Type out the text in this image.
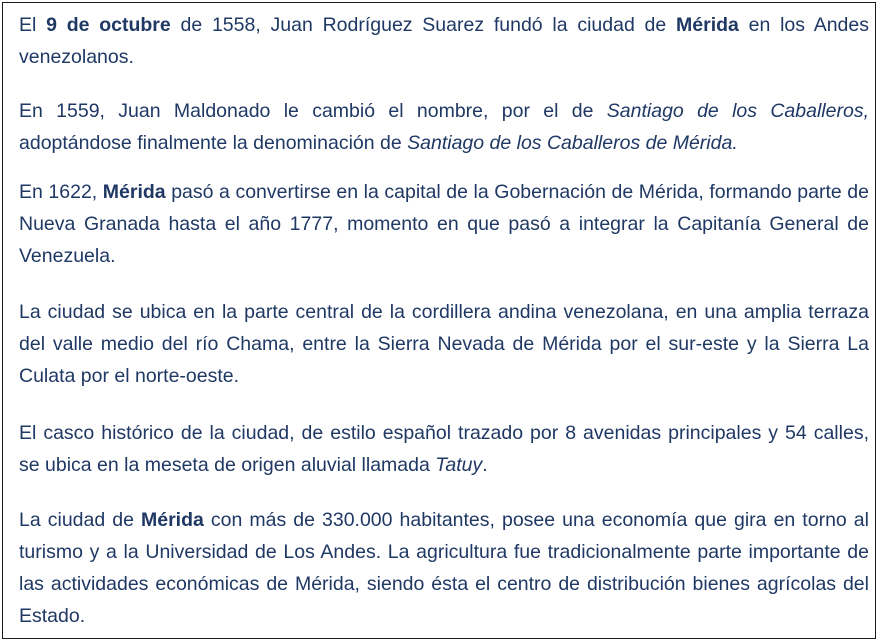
El 9 de octubre de 1558, Juan Rodríguez Suarez fundó la ciudad de Mérida en los Andes venezolanos.

En 1559, Juan Maldonado le cambió el nombre, por el de Santiago de los Caballeros, adoptándose finalmente la denominación de Santiago de los Caballeros de Mérida.

En 1622, Mérida pasó a convertirse en la capital de la Gobernación de Mérida, formando parte de Nueva Granada hasta el año 1777, momento en que pasó a integrar la Capitanía General de Venezuela.

La ciudad se ubica en la parte central de la cordillera andina venezolana, en una amplia terraza del valle medio del río Chama, entre la Sierra Nevada de Mérida por el sur-este y la Sierra La Culata por el norte-oeste.

El casco histórico de la ciudad, de estilo español trazado por 8 avenidas principales y 54 calles, se ubica en la meseta de origen aluvial llamada Tatuy.

La ciudad de Mérida con más de 330.000 habitantes, posee una economía que gira en torno al turismo y a la Universidad de Los Andes. La agricultura fue tradicionalmente parte importante de las actividades económicas de Mérida, siendo ésta el centro de distribución bienes agrícolas del Estado.
